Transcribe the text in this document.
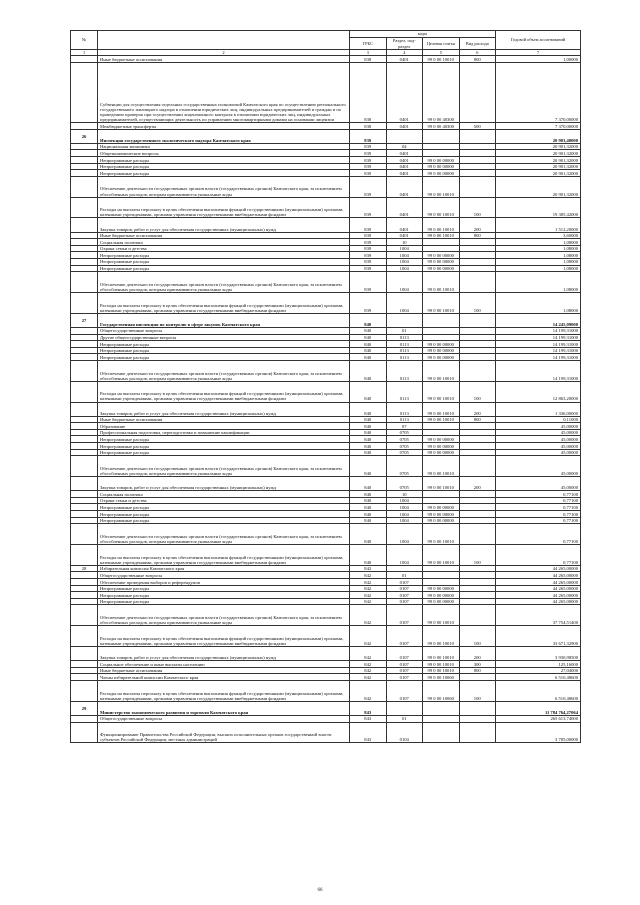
№		коды				Годовой объем ассигнований
		ГРБС	Раздел, под-раздел	Целевая статья	Вид расхода	
1	2	3	4	5	6	7
	Иные бюджетные ассигнования	838	0401	99 0 00 10010	800	1,00000
	Субвенции для осуществления отдельных государственных полномочий Камчатского края по осуществлению регионального государственного жилищного надзора в отношении юридических лиц, индивидуальных предпринимателей и граждан и по проведению проверок при осуществлении лицензионного контроля в отношении юридических лиц, индивидуальных предпринимателей, осуществляющих деятельность по управлению многоквартирными домами на основании лицензии	838	0401	99 0 00 40300		7 370,00000
	Межбюджетные трансферты	838	0401	99 0 00 40300	500	7 370,00000
26	Инспекция государственного экологического надзора Камчатского края	839				20 903,40000
	Национальная экономика	839	04			20 901,32000
	Общеэкономические вопросы	839	0401			20 901,32000
	Непрограммные расходы	839	0401	99 0 00 00000		20 901,32000
	Непрограммные расходы	839	0401	99 0 00 00000		20 901,32000
	Непрограммные расходы	839	0401	99 0 00 00000		20 901,32000
	Обеспечение деятельности государственных органов власти (государственных органов) Камчатского края, за исключением обособленных расходов, которым присваиваются уникальные коды	839	0401	99 0 00 10010		20 901,32000
	Расходы на выплаты персоналу в целях обеспечения выполнения функций государственными (муниципальными) органами, казенными учреждениями, органами управления государственными внебюджетными фондами	839	0401	99 0 00 10010	100	19 385,42000
	Закупка товаров, работ и услуг для обеспечения государственных (муниципальных) нужд	839	0401	99 0 00 10010	200	1 512,20000
	Иные бюджетные ассигнования	839	0401	99 0 00 10010	800	3,60000
	Социальная политика	839	10			1,08000
	Охрана семьи и детства	839	1004			1,08000
	Непрограммные расходы	839	1004	99 0 00 00000		1,08000
	Непрограммные расходы	839	1004	99 0 00 00000		1,08000
	Непрограммные расходы	839	1004	99 0 00 00000		1,08000
	Обеспечение деятельности государственных органов власти (государственных органов) Камчатского края, за исключением обособленных расходов, которым присваиваются уникальные коды	839	1004	99 0 00 10010		1,08000
	Расходы на выплаты персоналу в целях обеспечения выполнения функций государственными (муниципальными) органами, казенными учреждениями, органами управления государственными внебюджетными фондами	839	1004	99 0 00 10010	100	1,08000
27	Государственная инспекция по контролю в сфере закупок Камчатского края	840				14 245,09000
	Общегосударственные вопросы	840	01			14 199,31000
	Другие общегосударственные вопросы	840	0113			14 199,31000
	Непрограммные расходы	840	0113	99 0 00 00000		14 199,31000
	Непрограммные расходы	840	0113	99 0 00 00000		14 199,31000
	Непрограммные расходы	840	0113	99 0 00 00000		14 199,31000
	Обеспечение деятельности государственных органов власти (государственных органов) Камчатского края, за исключением обособленных расходов, которым присваиваются уникальные коды	840	0113	99 0 00 10010		14 199,31000
	Расходы на выплаты персоналу в целях обеспечения выполнения функций государственными (муниципальными) органами, казенными учреждениями, органами управления государственными внебюджетными фондами	840	0113	99 0 00 10010	100	12 863,20000
	Закупка товаров, работ и услуг для обеспечения государственных (муниципальных) нужд	840	0113	99 0 00 10010	200	1 336,00000
	Иные бюджетные ассигнования	840	0113	99 0 00 10010	800	0,11000
	Образование	840	07			45,00000
	Профессиональная подготовка, переподготовка и повышение квалификации	840	0705			45,00000
	Непрограммные расходы	840	0705	99 0 00 00000		45,00000
	Непрограммные расходы	840	0705	99 0 00 00000		45,00000
	Непрограммные расходы	840	0705	99 0 00 00000		45,00000
	Обеспечение деятельности государственных органов власти (государственных органов) Камчатского края, за исключением обособленных расходов, которым присваиваются уникальные коды	840	0705	99 0 00 10010		45,00000
	Закупка товаров, работ и услуг для обеспечения государственных (муниципальных) нужд	840	0705	99 0 00 10010	200	45,00000
	Социальная политика	840	10			0,77100
	Охрана семьи и детства	840	1004			0,77100
	Непрограммные расходы	840	1004	99 0 00 00000		0,77100
	Непрограммные расходы	840	1004	99 0 00 00000		0,77100
	Непрограммные расходы	840	1004	99 0 00 00000		0,77100
	Обеспечение деятельности государственных органов власти (государственных органов) Камчатского края, за исключением обособленных расходов, которым присваиваются уникальные коды	840	1004	99 0 00 10010		0,77100
	Расходы на выплаты персоналу в целях обеспечения выполнения функций государственными (муниципальными) органами, казенными учреждениями, органами управления государственными внебюджетными фондами	840	1004	99 0 00 10010	100	0,77100
28	Избирательная комиссия Камчатского края	842				44 265,00000
	Общегосударственные вопросы	842	01			44 265,00000
	Обеспечение проведения выборов и референдумов	842	0107			44 265,00000
	Непрограммные расходы	842	0107	99 0 00 00000		44 265,00000
	Непрограммные расходы	842	0107	99 0 00 00000		44 265,00000
	Непрограммные расходы	842	0107	99 0 00 00000		44 265,00000
	Обеспечение деятельности государственных органов власти (государственных органов) Камчатского края, за исключением обособленных расходов, которым присваиваются уникальные коды	842	0107	99 0 00 10010		37 754,51400
	Расходы на выплаты персоналу в целях обеспечения выполнения функций государственными (муниципальными) органами, казенными учреждениями, органами управления государственными внебюджетными фондами	842	0107	99 0 00 10010	100	33 671,32900
	Закупка товаров, работ и услуг для обеспечения государственных (муниципальных) нужд	842	0107	99 0 00 10010	200	3 930,98500
	Социальное обеспечение и иные выплаты населению	842	0107	99 0 00 10010	300	125,16000
	Иные бюджетные ассигнования	842	0107	99 0 00 10010	800	27,04000
	Члены избирательной комиссии Камчатского края	842	0107	99 0 00 10060		6 510,48600
	Расходы на выплаты персоналу в целях обеспечения выполнения функций государственными (муниципальными) органами, казенными учреждениями, органами управления государственными внебюджетными фондами	842	0107	99 0 00 10060	100	6 510,48600
29	Министерство экономического развития и торговли Камчатского края	843				11 784 764,27064
	Общегосударственные вопросы	843	01			265 613,74000
	Функционирование Правительства Российской Федерации, высших исполнительных органов государственной власти субъектов Российской Федерации, местных администраций	843	0104			3 785,00000
66
